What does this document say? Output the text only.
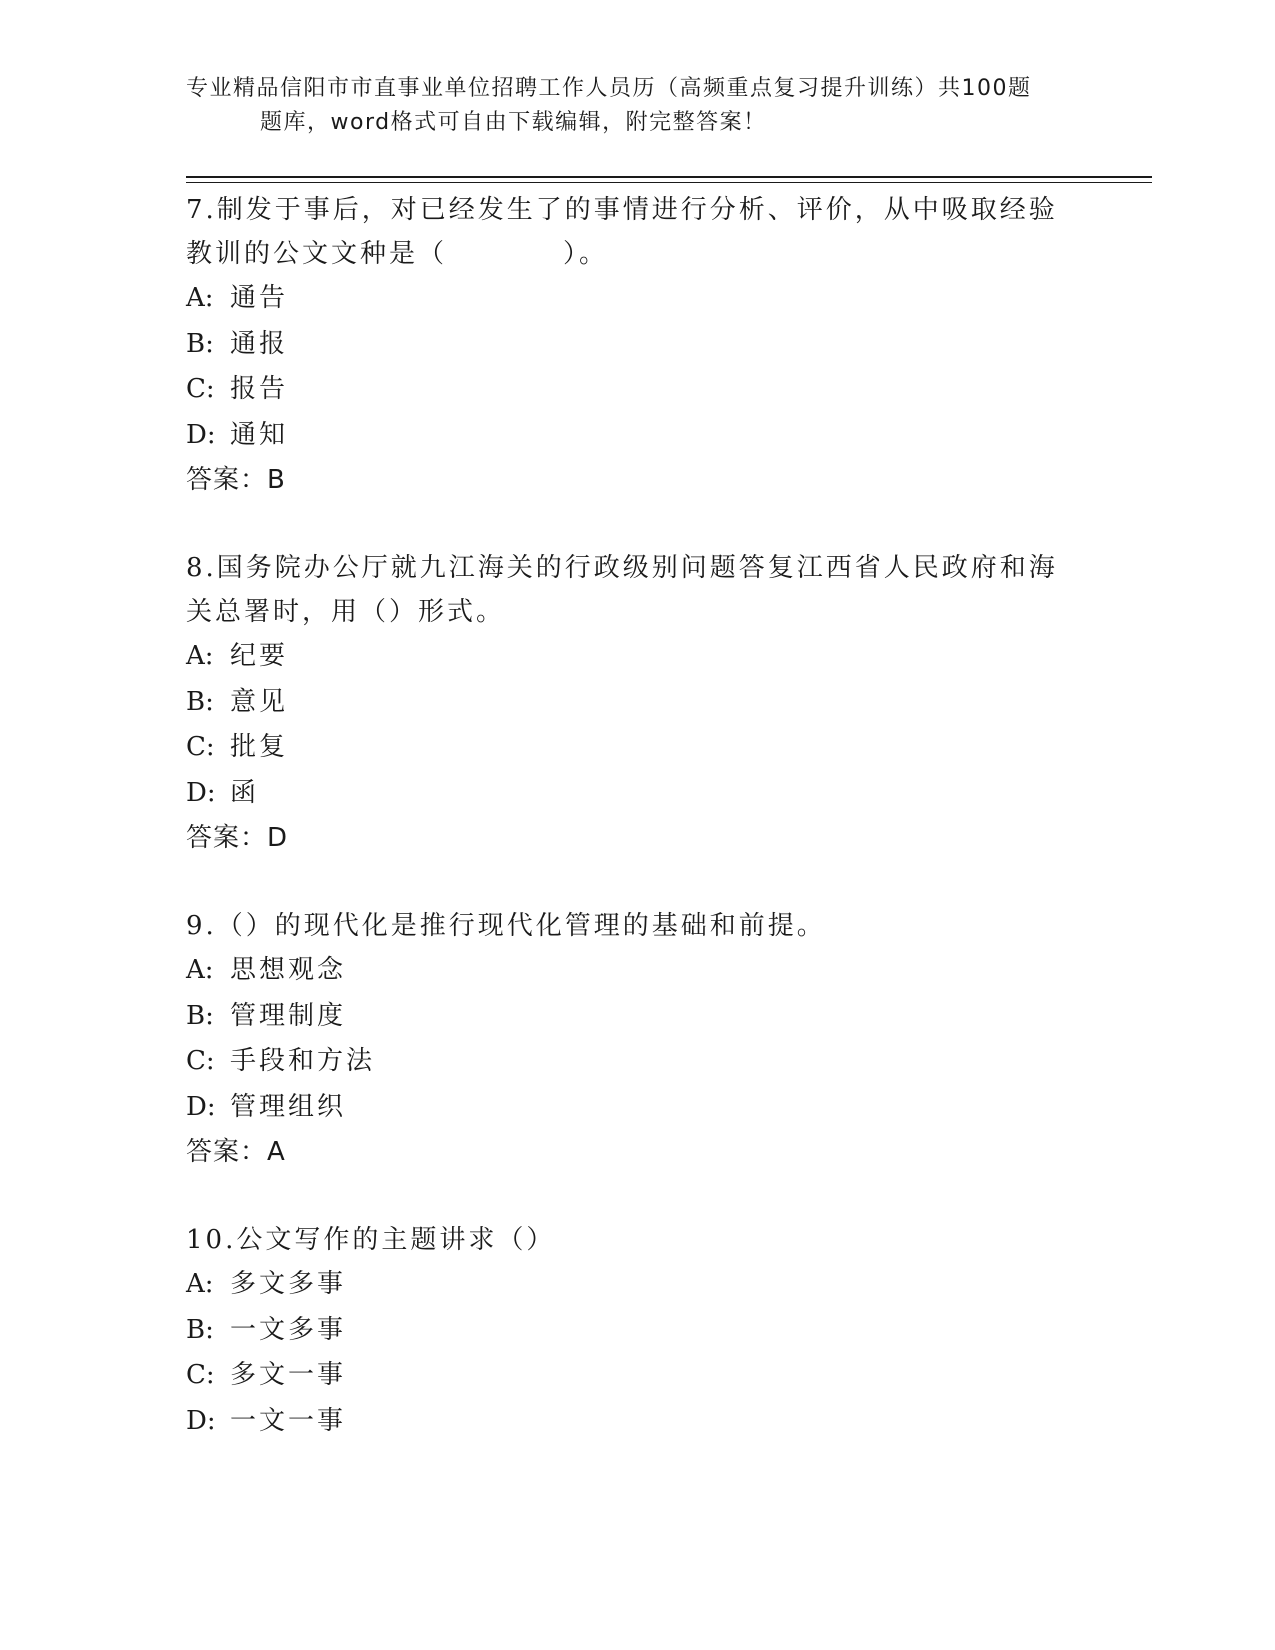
专业精品信阳市市直事业单位招聘工作人员历（高频重点复习提升训练）共100题
题库，word格式可自由下载编辑，附完整答案！

7.制发于事后，对已经发生了的事情进行分析、评价，从中吸取经验

教训的公文文种是（　　　　）。

A: 通告

B: 通报

C: 报告

D: 通知

答案：B

8.国务院办公厅就九江海关的行政级别问题答复江西省人民政府和海

关总署时，用（）形式。

A: 纪要

B: 意见

C: 批复

D: 函

答案：D

9.（）的现代化是推行现代化管理的基础和前提。

A: 思想观念

B: 管理制度

C: 手段和方法

D: 管理组织

答案：A

10.公文写作的主题讲求（）

A: 多文多事

B: 一文多事

C: 多文一事

D: 一文一事
